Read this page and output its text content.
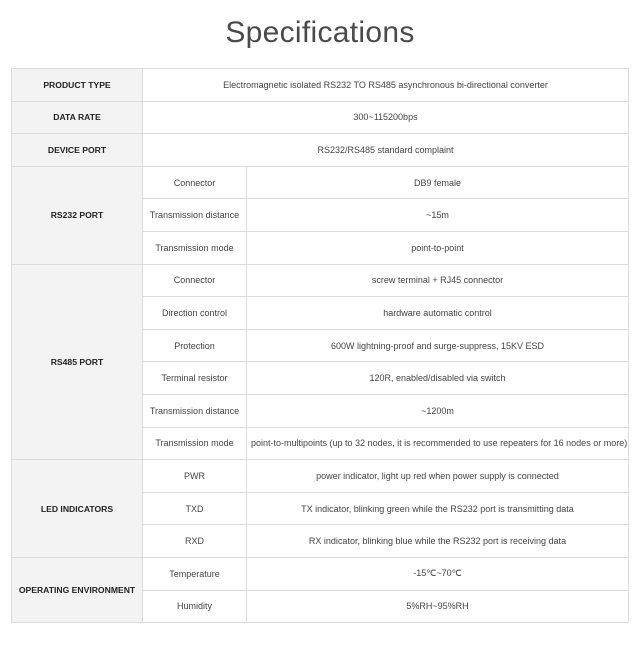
Specifications
PRODUCT TYPE	Electromagnetic isolated RS232 TO RS485 asynchronous bi-directional converter	
DATA RATE	300~115200bps	
DEVICE PORT	RS232/RS485 standard complaint	
RS232 PORT	Connector	DB9 female
	Transmission distance	~15m
	Transmission mode	point-to-point
RS485 PORT	Connector	screw terminal + RJ45 connector
	Direction control	hardware automatic control
	Protection	600W lightning-proof and surge-suppress, 15KV ESD
	Terminal resistor	120R, enabled/disabled via switch
	Transmission distance	~1200m
	Transmission mode	point-to-multipoints (up to 32 nodes, it is recommended to use repeaters for 16 nodes or more)
LED INDICATORS	PWR	power indicator, light up red when power supply is connected
	TXD	TX indicator, blinking green while the RS232 port is transmitting data
	RXD	RX indicator, blinking blue while the RS232 port is receiving data
OPERATING ENVIRONMENT	Temperature	-15℃~70℃
	Humidity	5%RH~95%RH
